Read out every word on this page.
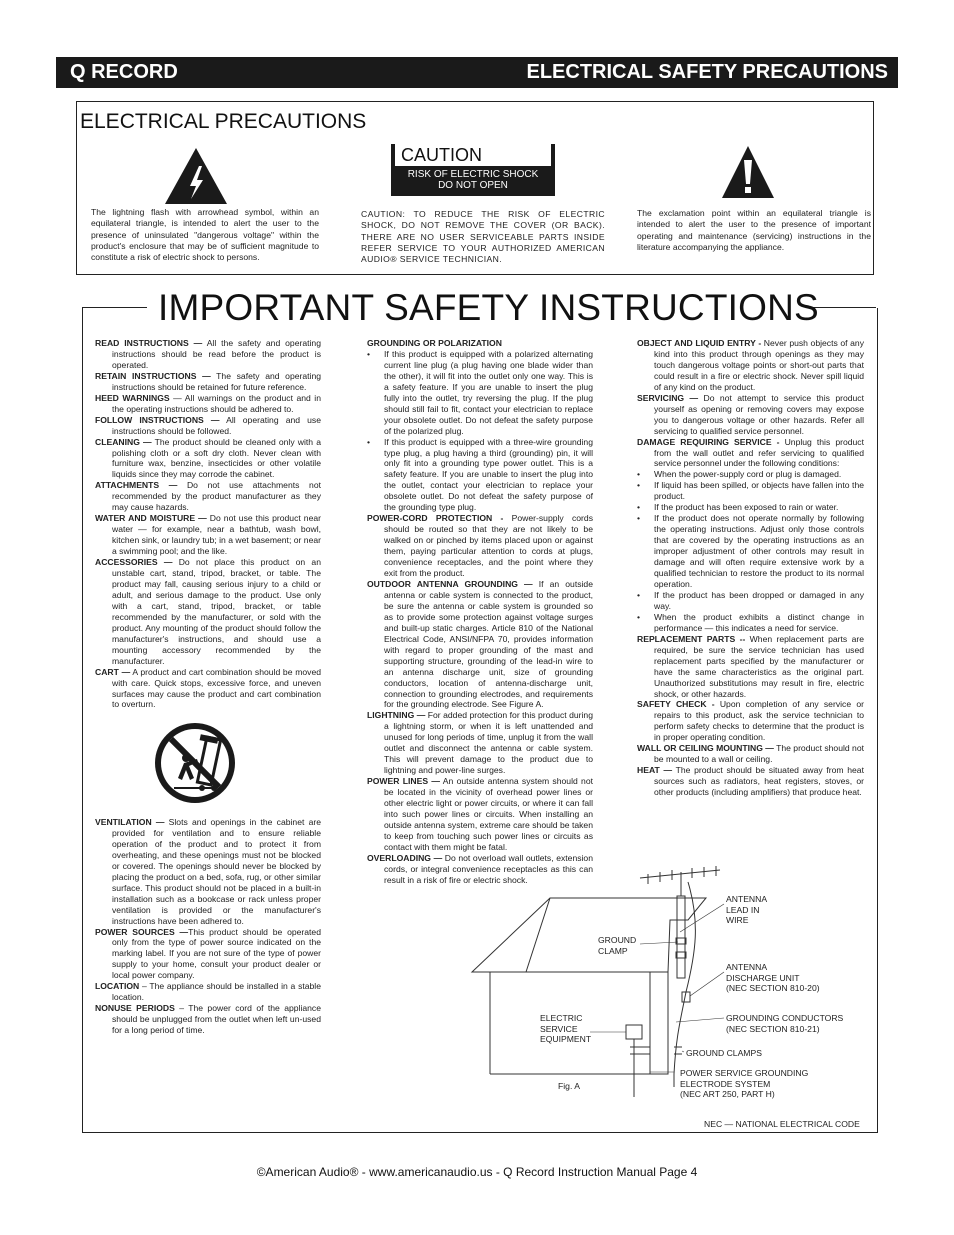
Q RECORD	ELECTRICAL SAFETY PRECAUTIONS
ELECTRICAL PRECAUTIONS
The lightning flash with arrowhead symbol, within an equilateral triangle, is intended to alert the user to the presence of uninsulated "dangerous voltage" within the product's enclosure that may be of sufficient magnitude to constitute a risk of electric shock to persons.
CAUTION
RISK OF ELECTRIC SHOCK
DO NOT OPEN
CAUTION: TO REDUCE THE RISK OF ELECTRIC SHOCK, DO NOT REMOVE THE COVER (OR BACK). THERE ARE NO USER SERVICEABLE PARTS INSIDE REFER SERVICE TO YOUR AUTHORIZED AMERICAN AUDIO® SERVICE TECHNICIAN.
The exclamation point within an equilateral triangle is intended to alert the user to the presence of important operating and maintenance (servicing) instructions in the literature accompanying the appliance.
IMPORTANT SAFETY INSTRUCTIONS

READ INSTRUCTIONS — All the safety and operating instructions should be read before the product is operated.

RETAIN INSTRUCTIONS — The safety and operating instructions should be retained for future reference.

HEED WARNINGS — All warnings on the product and in the operating instructions should be adhered to.

FOLLOW INSTRUCTIONS — All operating and use instructions should be followed.

CLEANING — The product should be cleaned only with a polishing cloth or a soft dry cloth. Never clean with furniture wax, benzine, insecticides or other volatile liquids since they may corrode the cabinet.

ATTACHMENTS — Do not use attachments not recommended by the product manufacturer as they may cause hazards.

WATER AND MOISTURE — Do not use this product near water — for example, near a bathtub, wash bowl, kitchen sink, or laundry tub; in a wet basement; or near a swimming pool; and the like.

ACCESSORIES — Do not place this product on an unstable cart, stand, tripod, bracket, or table. The product may fall, causing serious injury to a child or adult, and serious damage to the product. Use only with a cart, stand, tripod, bracket, or table recommended by the manufacturer, or sold with the product. Any mounting of the product should follow the manufacturer's instructions, and should use a mounting accessory recommended by the manufacturer.

CART — A product and cart combination should be moved with care. Quick stops, excessive force, and uneven surfaces may cause the product and cart combination to overturn.

VENTILATION — Slots and openings in the cabinet are provided for ventilation and to ensure reliable operation of the product and to protect it from overheating, and these openings must not be blocked or covered. The openings should never be blocked by placing the product on a bed, sofa, rug, or other similar surface. This product should not be placed in a built-in installation such as a bookcase or rack unless proper ventilation is provided or the manufacturer's instructions have been adhered to.

POWER SOURCES —This product should be operated only from the type of power source indicated on the marking label. If you are not sure of the type of power supply to your home, consult your product dealer or local power company.

LOCATION – The appliance should be installed in a stable location.

NONUSE PERIODS – The power cord of the appliance should be unplugged from the outlet when left un-used for a long period of time.

GROUNDING OR POLARIZATION

• If this product is equipped with a polarized alternating current line plug (a plug having one blade wider than the other), it will fit into the outlet only one way. This is a safety feature. If you are unable to insert the plug fully into the outlet, try reversing the plug. If the plug should still fail to fit, contact your electrician to replace your obsolete outlet. Do not defeat the safety purpose of the polarized plug.

• If this product is equipped with a three-wire grounding type plug, a plug having a third (grounding) pin, it will only fit into a grounding type power outlet. This is a safety feature. If you are unable to insert the plug into the outlet, contact your electrician to replace your obsolete outlet. Do not defeat the safety purpose of the grounding type plug.

POWER-CORD PROTECTION - Power-supply cords should be routed so that they are not likely to be walked on or pinched by items placed upon or against them, paying particular attention to cords at plugs, convenience receptacles, and the point where they exit from the product.

OUTDOOR ANTENNA GROUNDING — If an outside antenna or cable system is connected to the product, be sure the antenna or cable system is grounded so as to provide some protection against voltage surges and built-up static charges. Article 810 of the National Electrical Code, ANSI/NFPA 70, provides information with regard to proper grounding of the mast and supporting structure, grounding of the lead-in wire to an antenna discharge unit, size of grounding conductors, location of antenna-discharge unit, connection to grounding electrodes, and requirements for the grounding electrode. See Figure A.

LIGHTNING — For added protection for this product during a lightning storm, or when it is left unattended and unused for long periods of time, unplug it from the wall outlet and disconnect the antenna or cable system. This will prevent damage to the product due to lightning and power-line surges.

POWER LINES — An outside antenna system should not be located in the vicinity of overhead power lines or other electric light or power circuits, or where it can fall into such power lines or circuits. When installing an outside antenna system, extreme care should be taken to keep from touching such power lines or circuits as contact with them might be fatal.

OVERLOADING — Do not overload wall outlets, extension cords, or integral convenience receptacles as this can result in a risk of fire or electric shock.

OBJECT AND LIQUID ENTRY - Never push objects of any kind into this product through openings as they may touch dangerous voltage points or short-out parts that could result in a fire or electric shock. Never spill liquid of any kind on the product.

SERVICING — Do not attempt to service this product yourself as opening or removing covers may expose you to dangerous voltage or other hazards. Refer all servicing to qualified service personnel.

DAMAGE REQUIRING SERVICE - Unplug this product from the wall outlet and refer servicing to qualified service personnel under the following conditions:

• When the power-supply cord or plug is damaged.

• If liquid has been spilled, or objects have fallen into the product.

• If the product has been exposed to rain or water.

• If the product does not operate normally by following the operating instructions. Adjust only those controls that are covered by the operating instructions as an improper adjustment of other controls may result in damage and will often require extensive work by a qualified technician to restore the product to its normal operation.

• If the product has been dropped or damaged in any way.

• When the product exhibits a distinct change in performance — this indicates a need for service.

REPLACEMENT PARTS -- When replacement parts are required, be sure the service technician has used replacement parts specified by the manufacturer or have the same characteristics as the original part. Unauthorized substitutions may result in fire, electric shock, or other hazards.

SAFETY CHECK - Upon completion of any service or repairs to this product, ask the service technician to perform safety checks to determine that the product is in proper operating condition.

WALL OR CEILING MOUNTING — The product should not be mounted to a wall or ceiling.

HEAT — The product should be situated away from heat sources such as radiators, heat registers, stoves, or other products (including amplifiers) that produce heat.

ANTENNA
LEAD IN
WIRE
GROUND
CLAMP
ANTENNA
DISCHARGE UNIT
(NEC SECTION 810-20)
ELECTRIC
SERVICE
EQUIPMENT
GROUNDING CONDUCTORS
(NEC SECTION 810-21)
GROUND CLAMPS
POWER SERVICE GROUNDING
ELECTRODE SYSTEM
(NEC ART 250, PART H)
Fig. A
NEC — NATIONAL ELECTRICAL CODE
©American Audio® - www.americanaudio.us - Q Record Instruction Manual Page 4
